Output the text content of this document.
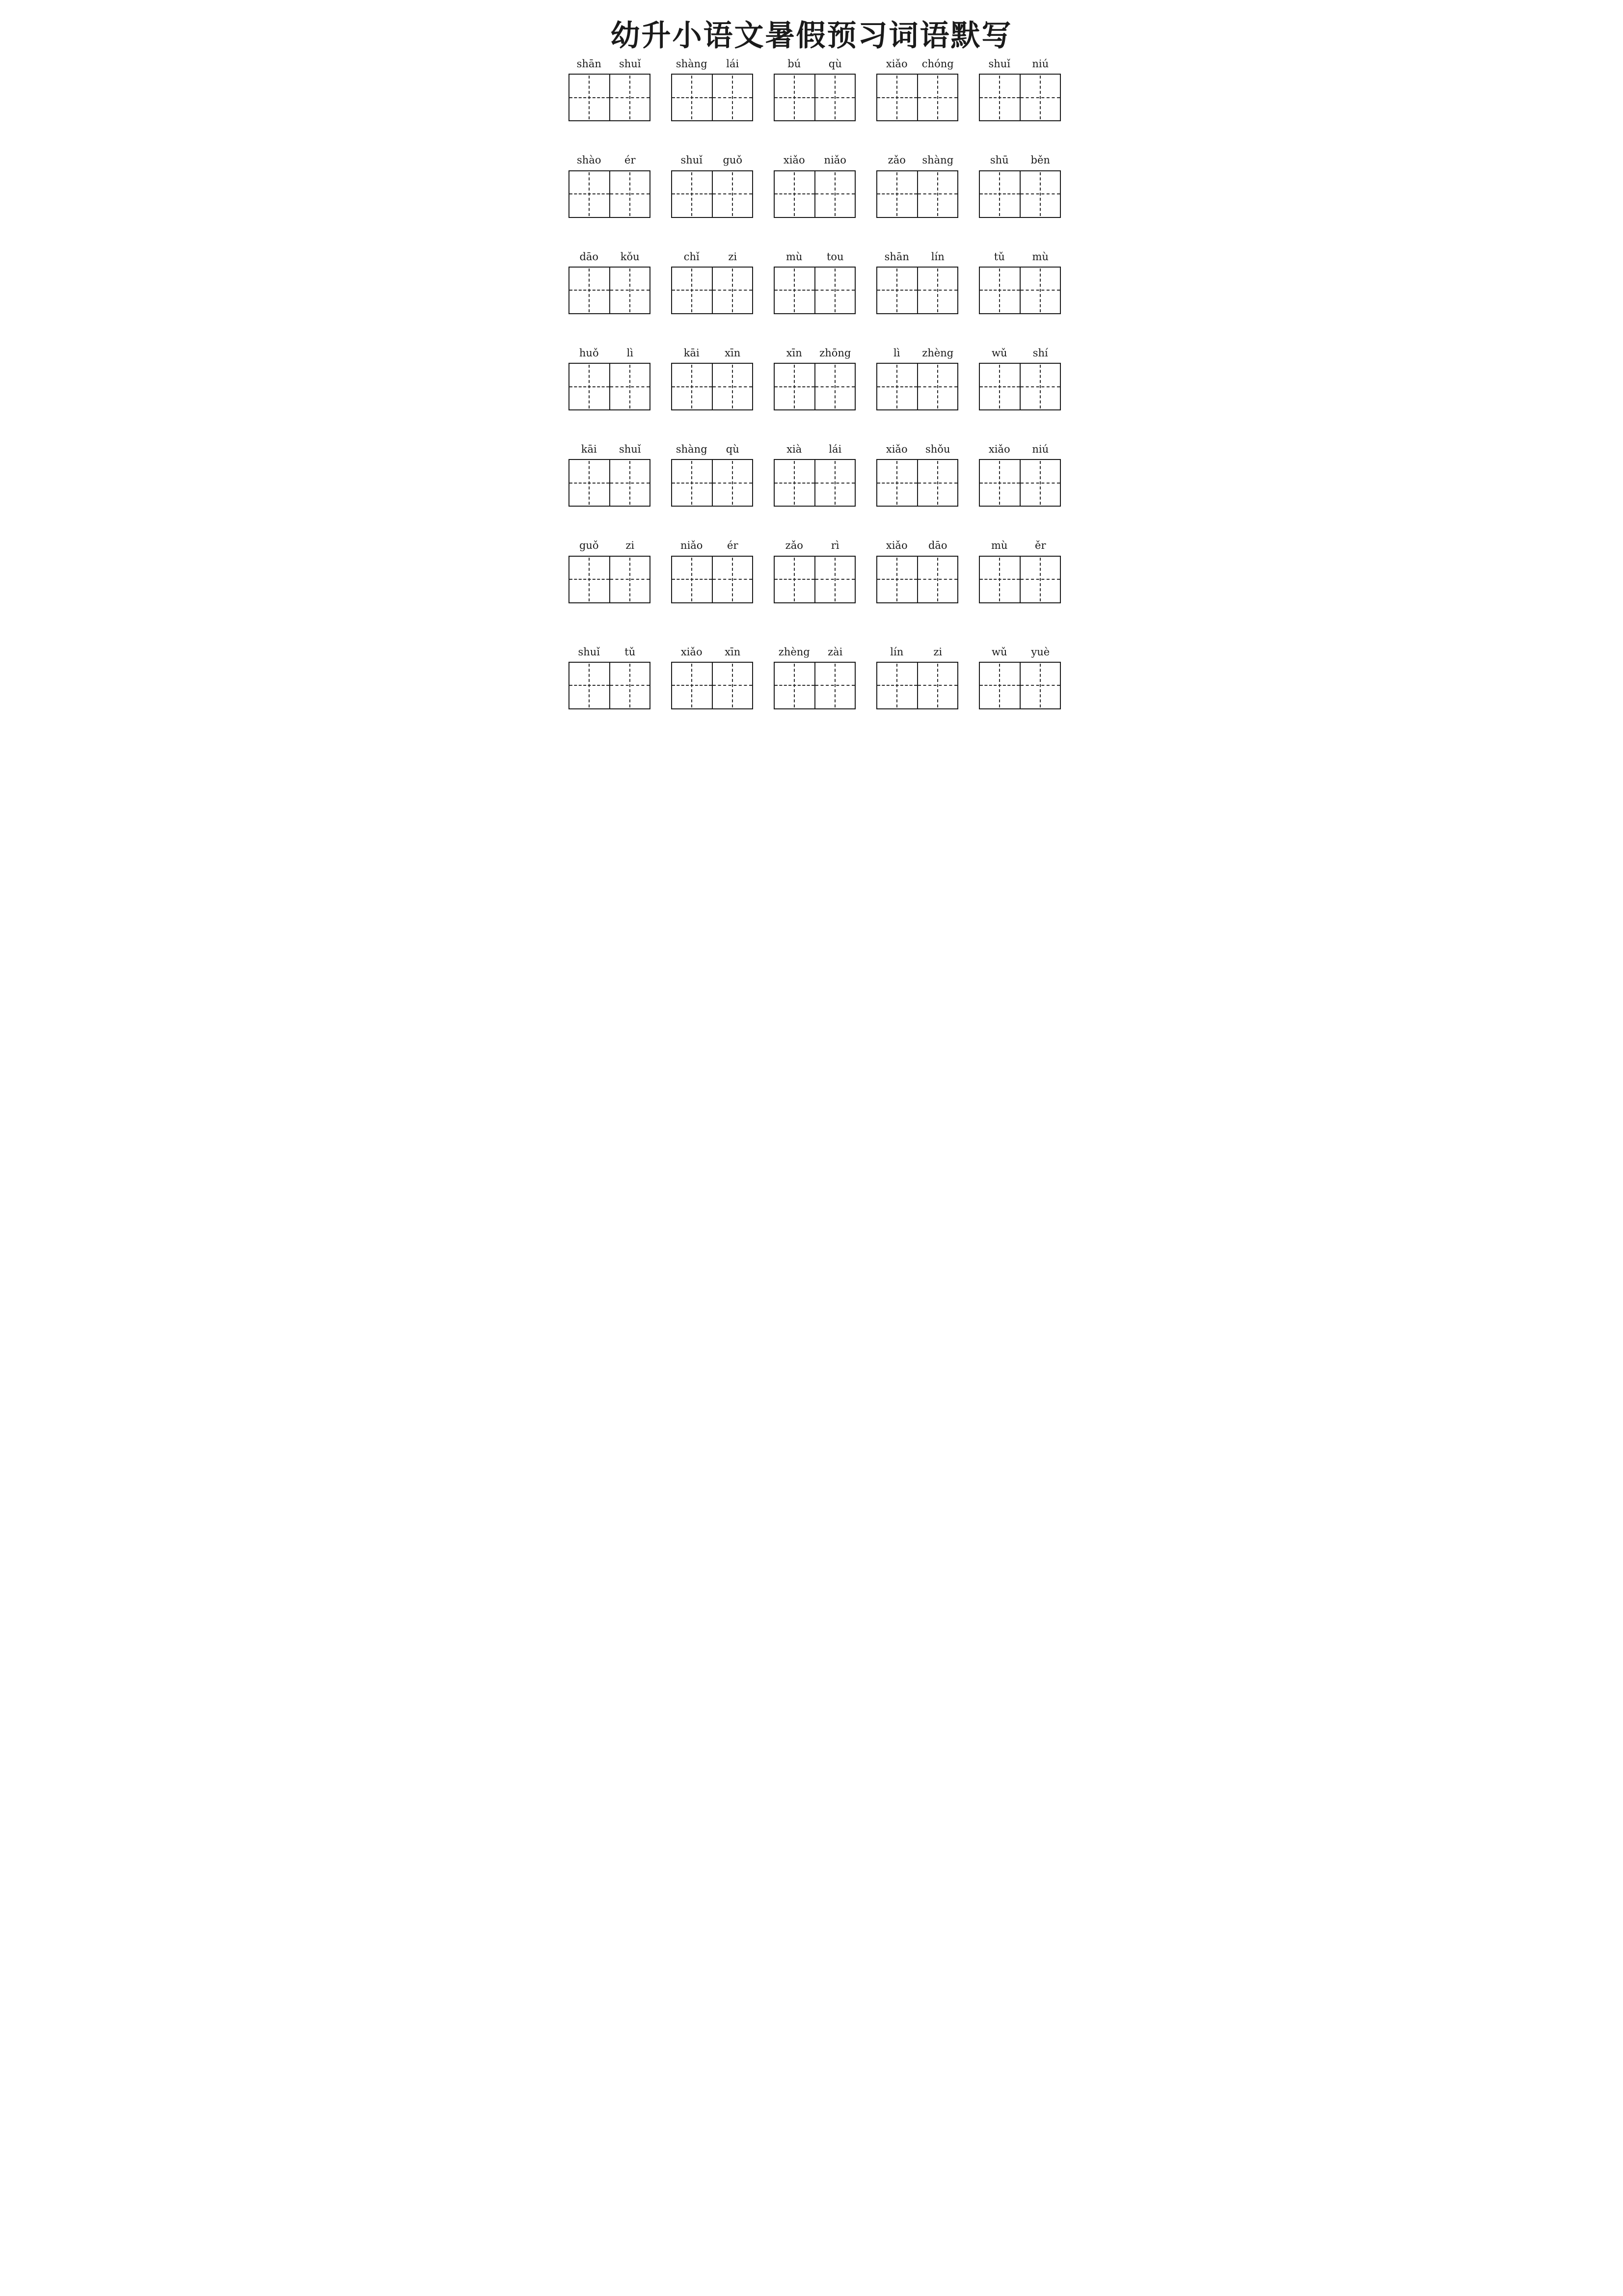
幼升小语文暑假预习词语默写
shān	shuǐ	shàng	lái	bú	qù	xiǎo	chóng	shuǐ	niú
shào	ér	shuǐ	guǒ	xiǎo	niǎo	zǎo	shàng	shū	běn
dāo	kǒu	chǐ	zi	mù	tou	shān	lín	tǔ	mù
huǒ	lì	kāi	xīn	xīn	zhōng	lì	zhèng	wǔ	shí
kāi	shuǐ	shàng	qù	xià	lái	xiǎo	shǒu	xiǎo	niú
guǒ	zi	niǎo	ér	zǎo	rì	xiǎo	dāo	mù	ěr
shuǐ	tǔ	xiǎo	xīn	zhèng	zài	lín	zi	wǔ	yuè
